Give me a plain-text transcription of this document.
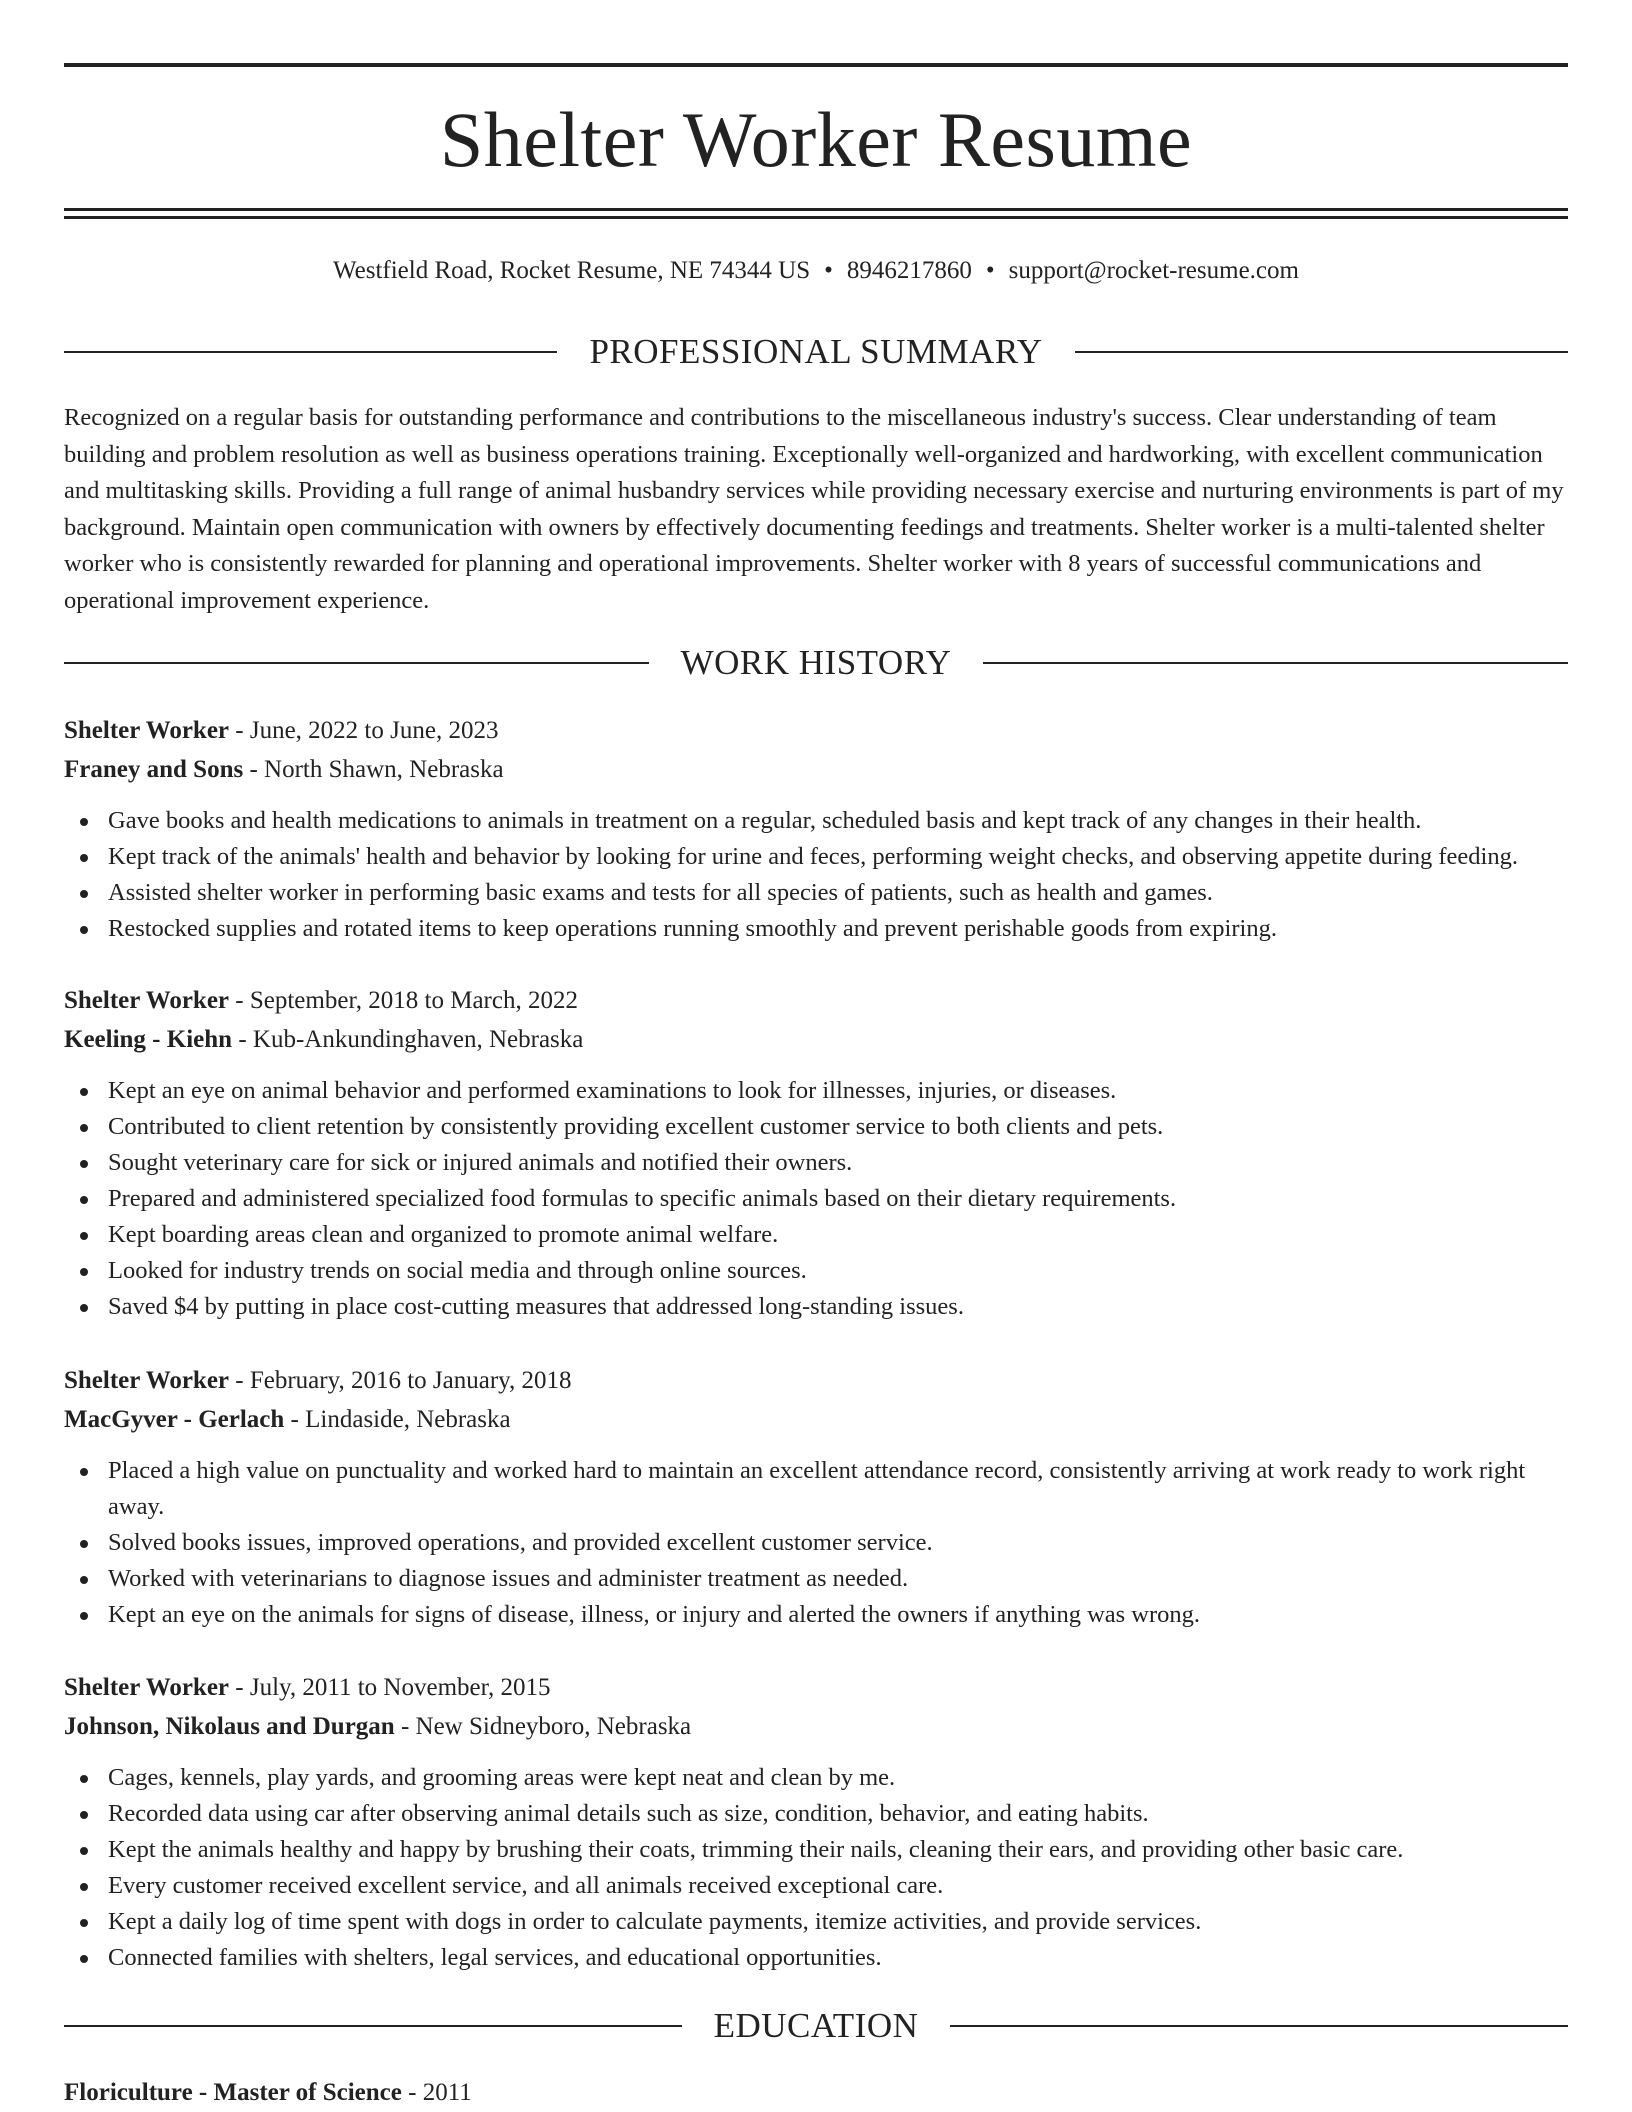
Shelter Worker Resume
Westfield Road, Rocket Resume, NE 74344 US • 8946217860 • support@rocket-resume.com
PROFESSIONAL SUMMARY

Recognized on a regular basis for outstanding performance and contributions to the miscellaneous industry's success. Clear understanding of team building and problem resolution as well as business operations training. Exceptionally well-organized and hardworking, with excellent communication and multitasking skills. Providing a full range of animal husbandry services while providing necessary exercise and nurturing environments is part of my background. Maintain open communication with owners by effectively documenting feedings and treatments. Shelter worker is a multi-talented shelter worker who is consistently rewarded for planning and operational improvements. Shelter worker with 8 years of successful communications and operational improvement experience.

WORK HISTORY
Shelter Worker - June, 2022 to June, 2023
Franey and Sons - North Shawn, Nebraska
Gave books and health medications to animals in treatment on a regular, scheduled basis and kept track of any changes in their health.
Kept track of the animals' health and behavior by looking for urine and feces, performing weight checks, and observing appetite during feeding.
Assisted shelter worker in performing basic exams and tests for all species of patients, such as health and games.
Restocked supplies and rotated items to keep operations running smoothly and prevent perishable goods from expiring.
Shelter Worker - September, 2018 to March, 2022
Keeling - Kiehn - Kub-Ankundinghaven, Nebraska
Kept an eye on animal behavior and performed examinations to look for illnesses, injuries, or diseases.
Contributed to client retention by consistently providing excellent customer service to both clients and pets.
Sought veterinary care for sick or injured animals and notified their owners.
Prepared and administered specialized food formulas to specific animals based on their dietary requirements.
Kept boarding areas clean and organized to promote animal welfare.
Looked for industry trends on social media and through online sources.
Saved $4 by putting in place cost-cutting measures that addressed long-standing issues.
Shelter Worker - February, 2016 to January, 2018
MacGyver - Gerlach - Lindaside, Nebraska
Placed a high value on punctuality and worked hard to maintain an excellent attendance record, consistently arriving at work ready to work right away.
Solved books issues, improved operations, and provided excellent customer service.
Worked with veterinarians to diagnose issues and administer treatment as needed.
Kept an eye on the animals for signs of disease, illness, or injury and alerted the owners if anything was wrong.
Shelter Worker - July, 2011 to November, 2015
Johnson, Nikolaus and Durgan - New Sidneyboro, Nebraska
Cages, kennels, play yards, and grooming areas were kept neat and clean by me.
Recorded data using car after observing animal details such as size, condition, behavior, and eating habits.
Kept the animals healthy and happy by brushing their coats, trimming their nails, cleaning their ears, and providing other basic care.
Every customer received excellent service, and all animals received exceptional care.
Kept a daily log of time spent with dogs in order to calculate payments, itemize activities, and provide services.
Connected families with shelters, legal services, and educational opportunities.
EDUCATION
Floriculture - Master of Science - 2011
